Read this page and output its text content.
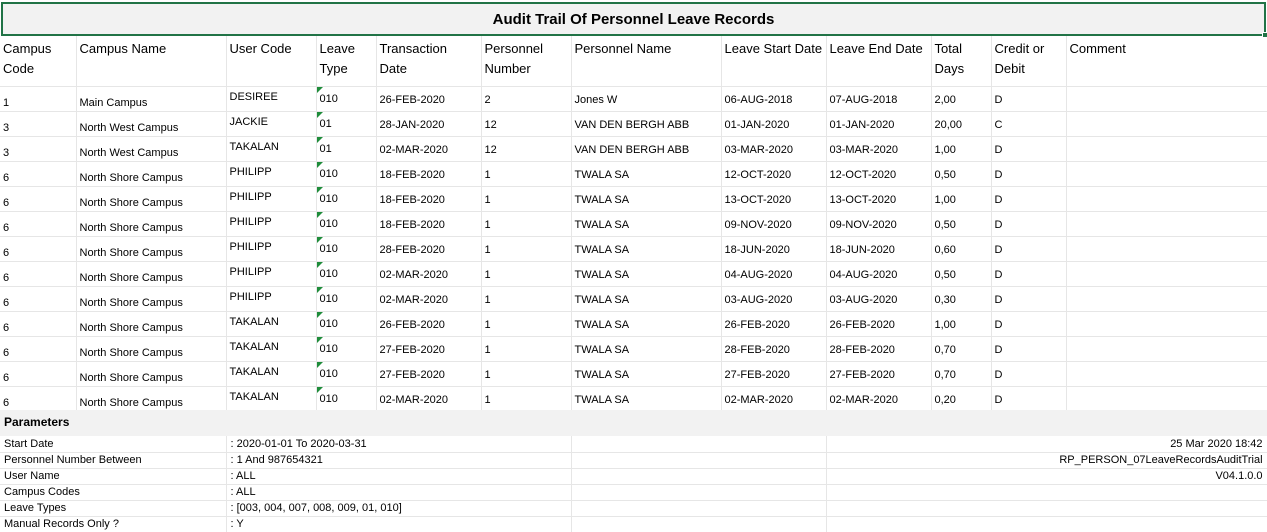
Audit Trail Of Personnel Leave Records
Campus Code	Campus Name	User Code	Leave Type	Transaction Date	Personnel Number	Personnel Name	Leave Start Date	Leave End Date	Total Days	Credit or Debit	Comment
1	Main Campus	DESIREE	010	26-FEB-2020	2	Jones W	06-AUG-2018	07-AUG-2018	2,00	D	
3	North West Campus	JACKIE	01	28-JAN-2020	12	VAN DEN BERGH ABB	01-JAN-2020	01-JAN-2020	20,00	C	
3	North West Campus	TAKALAN	01	02-MAR-2020	12	VAN DEN BERGH ABB	03-MAR-2020	03-MAR-2020	1,00	D	
6	North Shore Campus	PHILIPP	010	18-FEB-2020	1	TWALA SA	12-OCT-2020	12-OCT-2020	0,50	D	
6	North Shore Campus	PHILIPP	010	18-FEB-2020	1	TWALA SA	13-OCT-2020	13-OCT-2020	1,00	D	
6	North Shore Campus	PHILIPP	010	18-FEB-2020	1	TWALA SA	09-NOV-2020	09-NOV-2020	0,50	D	
6	North Shore Campus	PHILIPP	010	28-FEB-2020	1	TWALA SA	18-JUN-2020	18-JUN-2020	0,60	D	
6	North Shore Campus	PHILIPP	010	02-MAR-2020	1	TWALA SA	04-AUG-2020	04-AUG-2020	0,50	D	
6	North Shore Campus	PHILIPP	010	02-MAR-2020	1	TWALA SA	03-AUG-2020	03-AUG-2020	0,30	D	
6	North Shore Campus	TAKALAN	010	26-FEB-2020	1	TWALA SA	26-FEB-2020	26-FEB-2020	1,00	D	
6	North Shore Campus	TAKALAN	010	27-FEB-2020	1	TWALA SA	28-FEB-2020	28-FEB-2020	0,70	D	
6	North Shore Campus	TAKALAN	010	27-FEB-2020	1	TWALA SA	27-FEB-2020	27-FEB-2020	0,70	D	
6	North Shore Campus	TAKALAN	010	02-MAR-2020	1	TWALA SA	02-MAR-2020	02-MAR-2020	0,20	D	
Parameters
Start Date	: 2020-01-01 To 2020-03-31		25 Mar 2020 18:42
Personnel Number Between	: 1 And 987654321		RP_PERSON_07LeaveRecordsAuditTrial
User Name	: ALL		V04.1.0.0
Campus Codes	: ALL		
Leave Types	: [003, 004, 007, 008, 009, 01, 010]		
Manual Records Only ?	: Y		
